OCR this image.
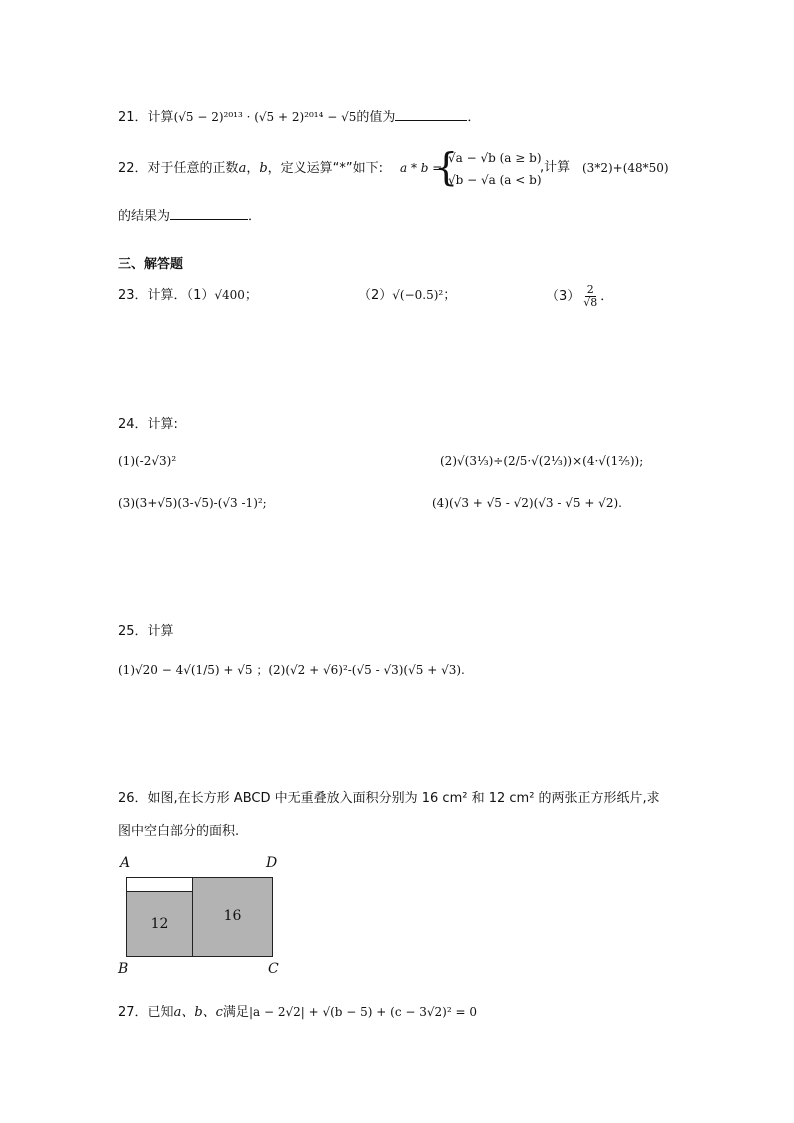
21．计算(√5 − 2)²⁰¹³ · (√5 + 2)²⁰¹⁴ − √5的值为	．
22．对于任意的正数a，b，定义运算“*”如下: a * b =
{
√a − √b (a ≥ b)
√b − √a (a < b)
,计算 (3*2)+(48*50)
的结果为	．
三、解答题
23．计算．（1）√400；	（2）√(−0.5)²；	$(3) \frac{2}{√8}$ ．
24．计算:
(1)(-2√3)²	(2)√(3⅓)÷(2/5·√(2⅓))×(4·√(1⅖));
(3)(3+√5)(3-√5)-(√3 -1)²;	(4)(√3 + √5 - √2)(√3 - √5 + √2).
25．计算
(1)√20 − 4√(1/5) + √5 ；(2)(√2 + √6)²-(√5 - √3)(√5 + √3).
26．如图,在长方形 ABCD 中无重叠放入面积分别为 16 cm² 和 12 cm² 的两张正方形纸片,求
图中空白部分的面积.
A	D
B	C
12	16
27．已知a、b、c满足|a − 2√2| + √(b − 5) + (c − 3√2)² = 0
